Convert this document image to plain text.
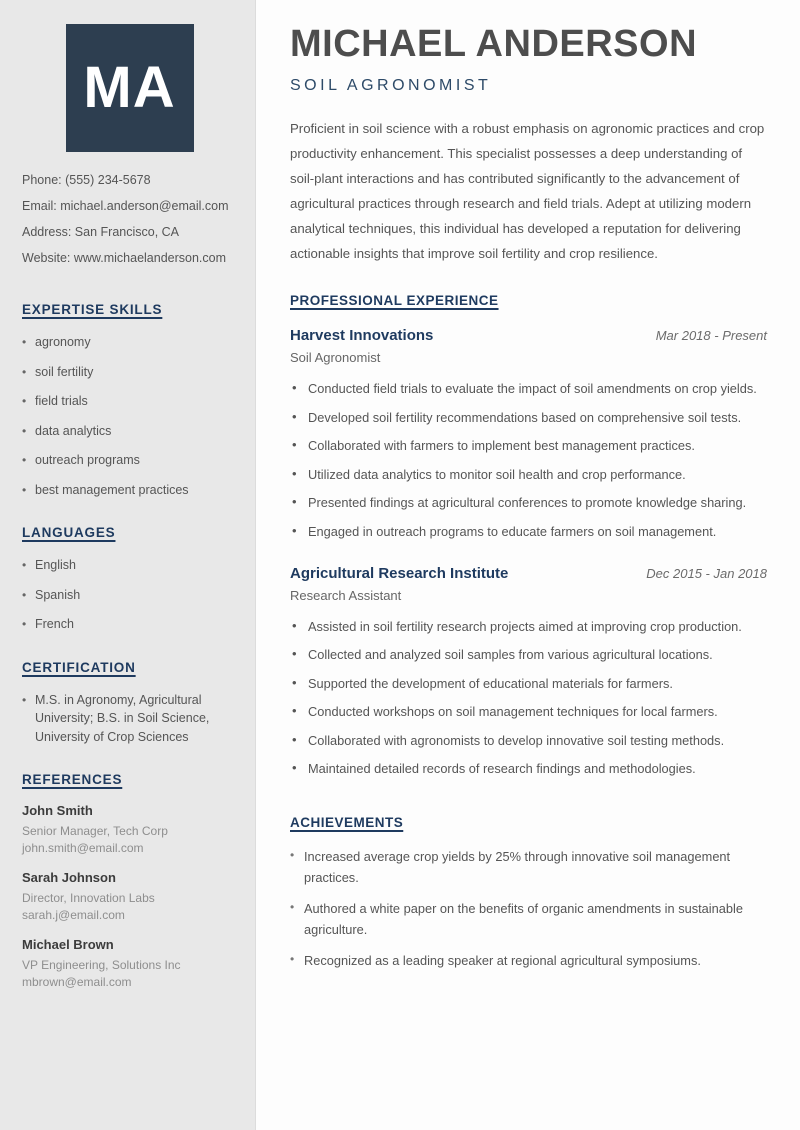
MA
Phone: (555) 234-5678
Email: michael.anderson@email.com
Address: San Francisco, CA
Website: www.michaelanderson.com
EXPERTISE SKILLS
• agronomy
• soil fertility
• field trials
• data analytics
• outreach programs
• best management practices
LANGUAGES
• English
• Spanish
• French
CERTIFICATION
• M.S. in Agronomy, Agricultural University; B.S. in Soil Science, University of Crop Sciences
REFERENCES
John Smith
Senior Manager, Tech Corp
john.smith@email.com
Sarah Johnson
Director, Innovation Labs
sarah.j@email.com
Michael Brown
VP Engineering, Solutions Inc
mbrown@email.com
MICHAEL ANDERSON
SOIL AGRONOMIST

Proficient in soil science with a robust emphasis on agronomic practices and crop productivity enhancement. This specialist possesses a deep understanding of soil-plant interactions and has contributed significantly to the advancement of agricultural practices through research and field trials. Adept at utilizing modern analytical techniques, this individual has developed a reputation for delivering actionable insights that improve soil fertility and crop resilience.

PROFESSIONAL EXPERIENCE
Harvest Innovations	Mar 2018 - Present
Soil Agronomist
• Conducted field trials to evaluate the impact of soil amendments on crop yields.
• Developed soil fertility recommendations based on comprehensive soil tests.
• Collaborated with farmers to implement best management practices.
• Utilized data analytics to monitor soil health and crop performance.
• Presented findings at agricultural conferences to promote knowledge sharing.
• Engaged in outreach programs to educate farmers on soil management.
Agricultural Research Institute	Dec 2015 - Jan 2018
Research Assistant
• Assisted in soil fertility research projects aimed at improving crop production.
• Collected and analyzed soil samples from various agricultural locations.
• Supported the development of educational materials for farmers.
• Conducted workshops on soil management techniques for local farmers.
• Collaborated with agronomists to develop innovative soil testing methods.
• Maintained detailed records of research findings and methodologies.
ACHIEVEMENTS
• Increased average crop yields by 25% through innovative soil management practices.
• Authored a white paper on the benefits of organic amendments in sustainable agriculture.
• Recognized as a leading speaker at regional agricultural symposiums.
